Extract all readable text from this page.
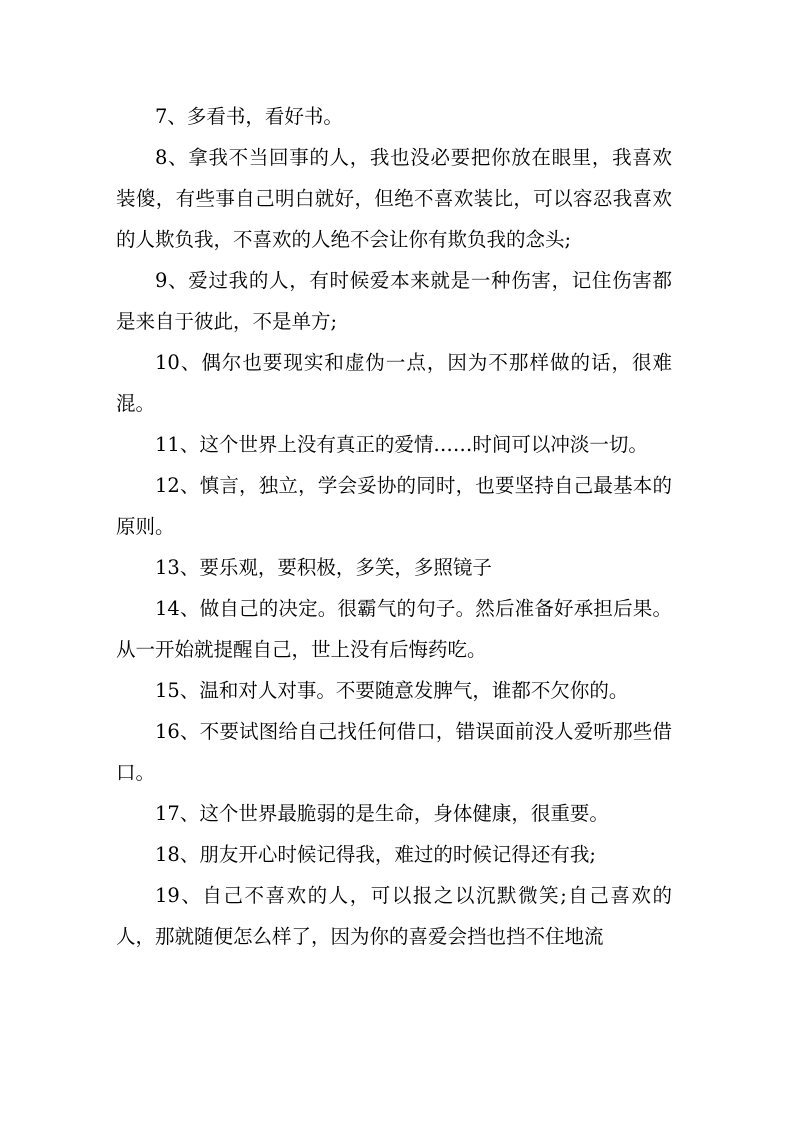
7、多看书，看好书。

8、拿我不当回事的人，我也没必要把你放在眼里，我喜欢装傻，有些事自己明白就好，但绝不喜欢装比，可以容忍我喜欢的人欺负我，不喜欢的人绝不会让你有欺负我的念头;

9、爱过我的人，有时候爱本来就是一种伤害，记住伤害都是来自于彼此，不是单方;

10、偶尔也要现实和虚伪一点，因为不那样做的话，很难混。

11、这个世界上没有真正的爱情……时间可以冲淡一切。

12、慎言，独立，学会妥协的同时，也要坚持自己最基本的原则。

13、要乐观，要积极，多笑，多照镜子

14、做自己的决定。很霸气的句子。然后准备好承担后果。从一开始就提醒自己，世上没有后悔药吃。

15、温和对人对事。不要随意发脾气，谁都不欠你的。

16、不要试图给自己找任何借口，错误面前没人爱听那些借口。

17、这个世界最脆弱的是生命，身体健康，很重要。

18、朋友开心时候记得我，难过的时候记得还有我;

19、自己不喜欢的人，可以报之以沉默微笑;自己喜欢的人，那就随便怎么样了，因为你的喜爱会挡也挡不住地流
